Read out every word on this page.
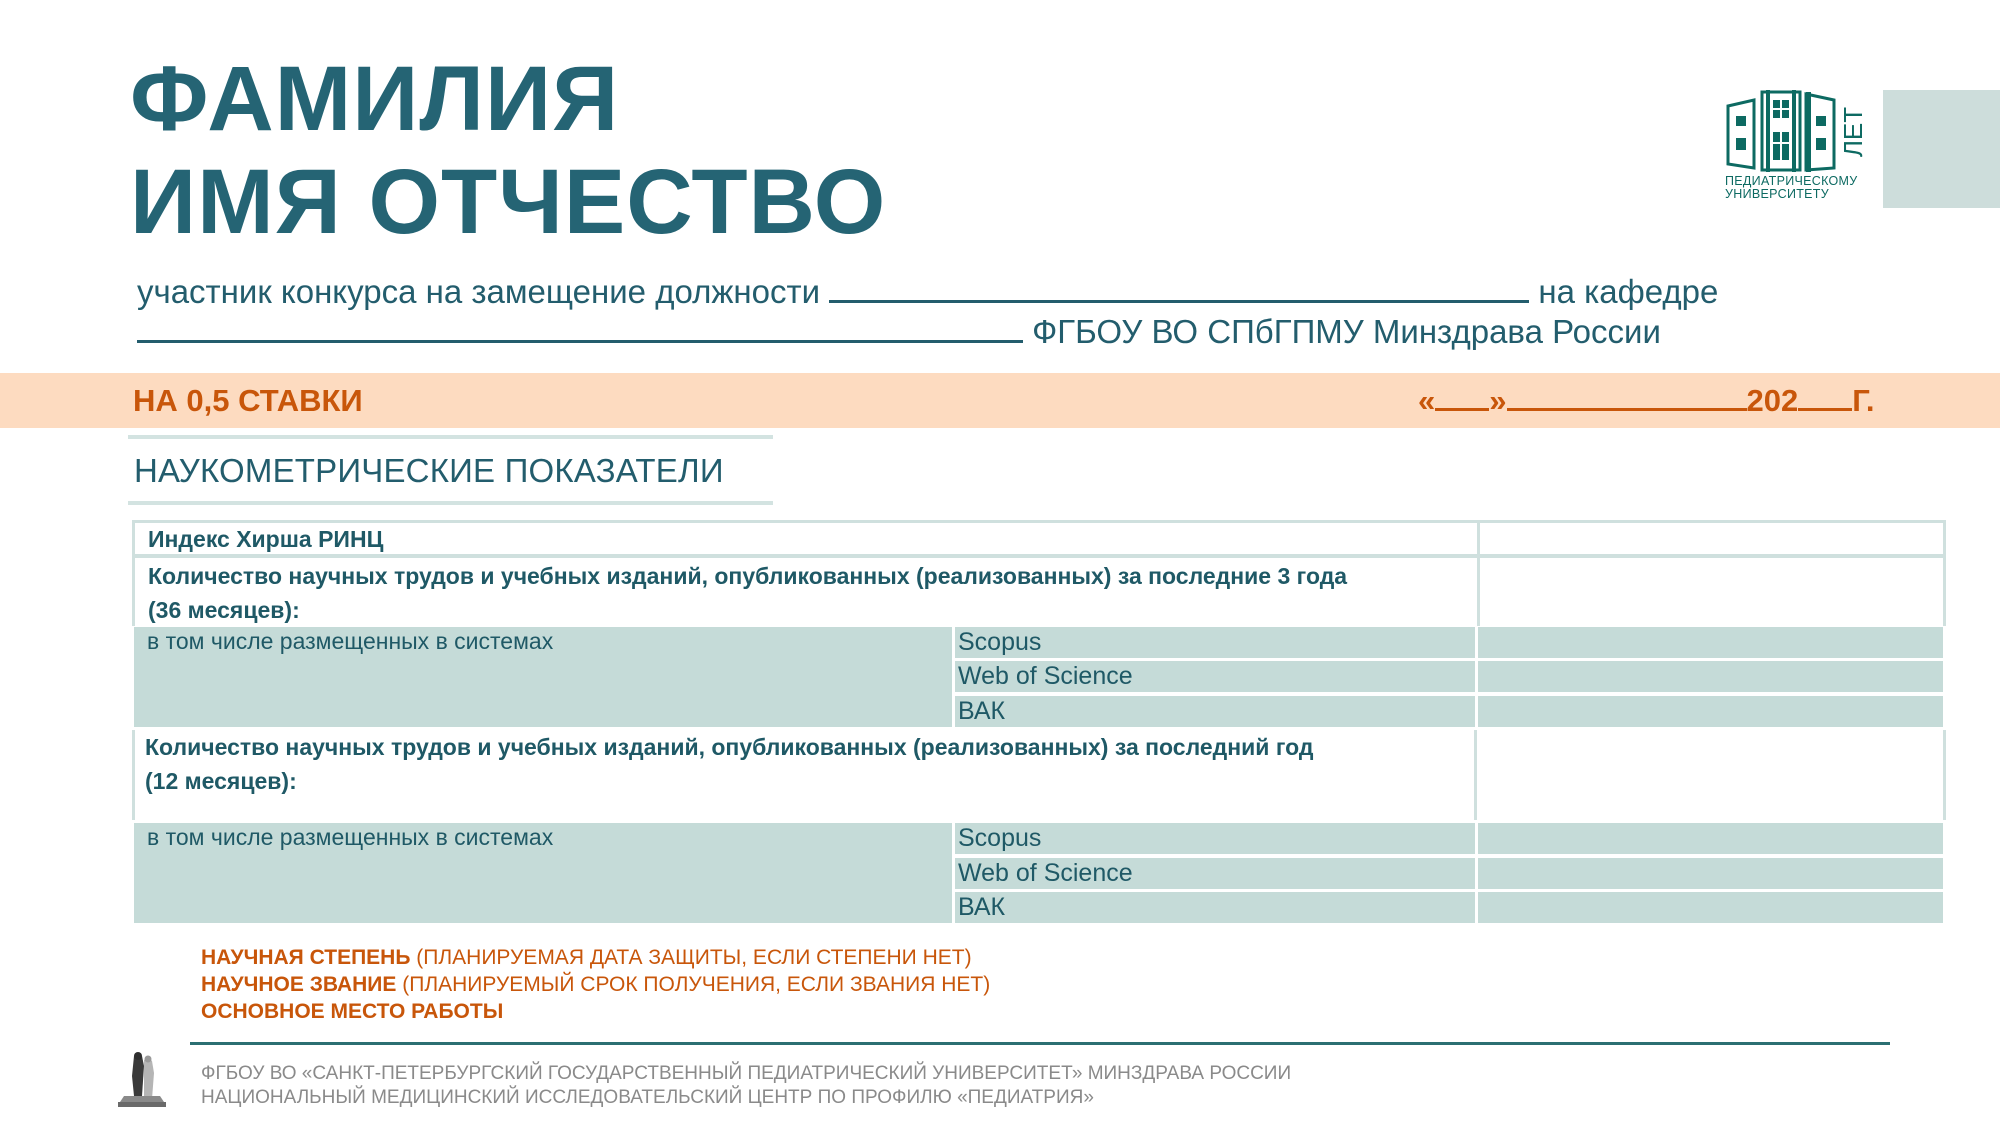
ФАМИЛИЯ
ИМЯ ОТЧЕСТВО
ЛЕТ
ПЕДИАТРИЧЕСКОМУ
УНИВЕРСИТЕТУ
участник конкурса на замещение должности	на кафедре
ФГБОУ ВО СПбГПМУ Минздрава России
НА 0,5 СТАВКИ	« »	202 Г.
НАУКОМЕТРИЧЕСКИЕ ПОКАЗАТЕЛИ
Индекс Хирша РИНЦ
Количество научных трудов и учебных изданий, опубликованных (реализованных) за последние 3 года
(36 месяцев):
в том числе размещенных в системах	Scopus
Web of Science
ВАК
Количество научных трудов и учебных изданий, опубликованных (реализованных) за последний год
(12 месяцев):
в том числе размещенных в системах	Scopus
Web of Science
ВАК
НАУЧНАЯ СТЕПЕНЬ (ПЛАНИРУЕМАЯ ДАТА ЗАЩИТЫ, ЕСЛИ СТЕПЕНИ НЕТ)
НАУЧНОЕ ЗВАНИЕ (ПЛАНИРУЕМЫЙ СРОК ПОЛУЧЕНИЯ, ЕСЛИ ЗВАНИЯ НЕТ)
ОСНОВНОЕ МЕСТО РАБОТЫ
ФГБОУ ВО «САНКТ-ПЕТЕРБУРГСКИЙ ГОСУДАРСТВЕННЫЙ ПЕДИАТРИЧЕСКИЙ УНИВЕРСИТЕТ» МИНЗДРАВА РОССИИ
НАЦИОНАЛЬНЫЙ МЕДИЦИНСКИЙ ИССЛЕДОВАТЕЛЬСКИЙ ЦЕНТР ПО ПРОФИЛЮ «ПЕДИАТРИЯ»
